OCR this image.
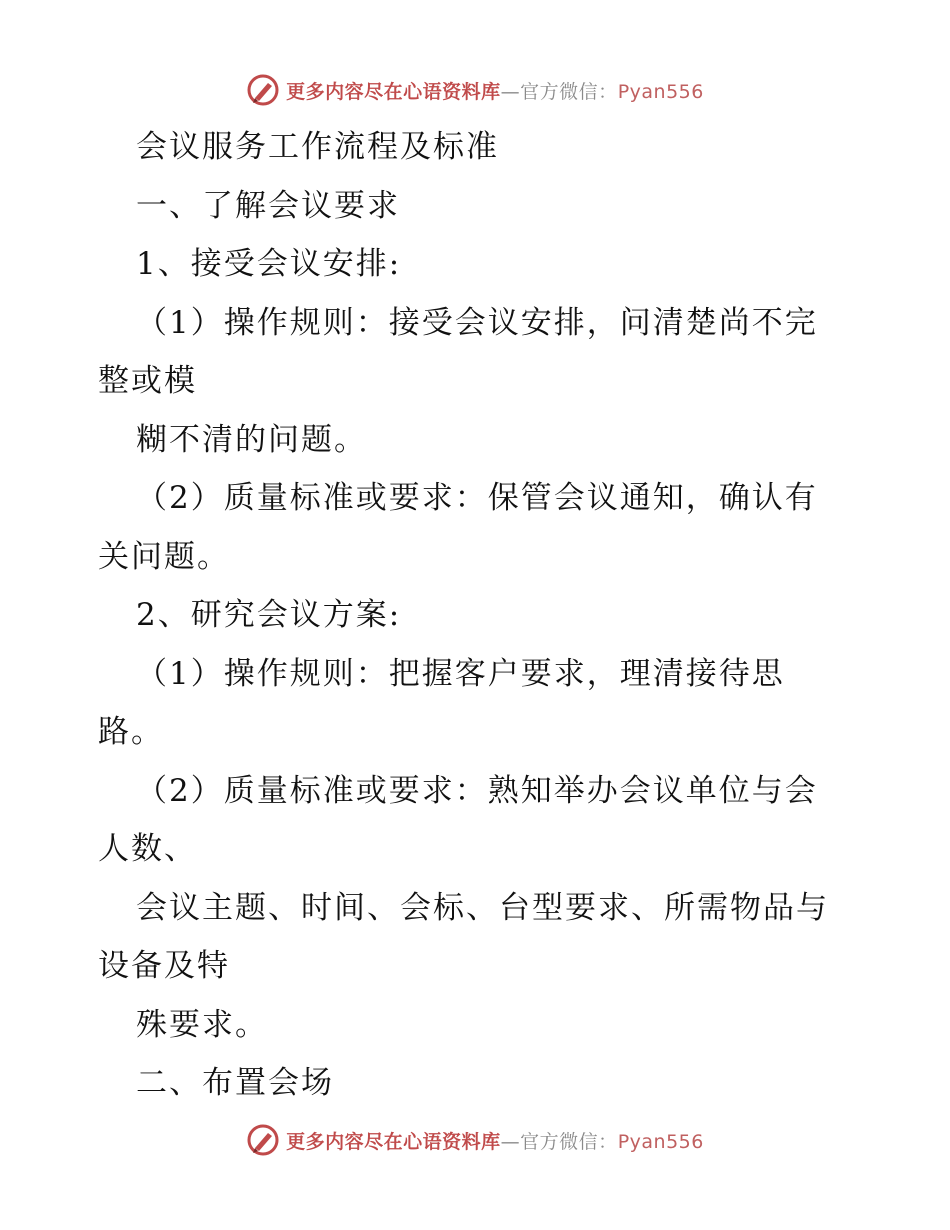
更多内容尽在心语资料库—官方微信：Pyan556
会议服务工作流程及标准
一、了解会议要求
1、接受会议安排:
（1）操作规则：接受会议安排，问清楚尚不完
整或模
糊不清的问题。
（2）质量标准或要求：保管会议通知，确认有
关问题。
2、研究会议方案:
（1）操作规则：把握客户要求，理清接待思
路。
（2）质量标准或要求：熟知举办会议单位与会
人数、
会议主题、时间、会标、台型要求、所需物品与
设备及特
殊要求。
二、布置会场
更多内容尽在心语资料库—官方微信：Pyan556
